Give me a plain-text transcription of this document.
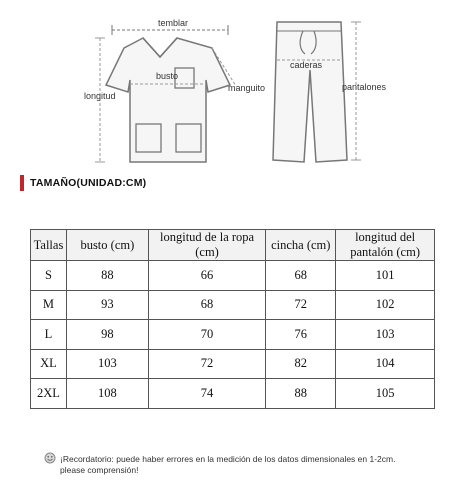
temblar
busto
manguito
longitud
caderas
pantalones
TAMAÑO(UNIDAD:CM)
Tallas	busto (cm)	longitud de la ropa (cm)	cincha (cm)	longitud del pantalón (cm)
S	88	66	68	101
M	93	68	72	102
L	98	70	76	103
XL	103	72	82	104
2XL	108	74	88	105
¡Recordatorio: puede haber errores en la medición de los datos dimensionales en 1-2cm.
please comprensión!
